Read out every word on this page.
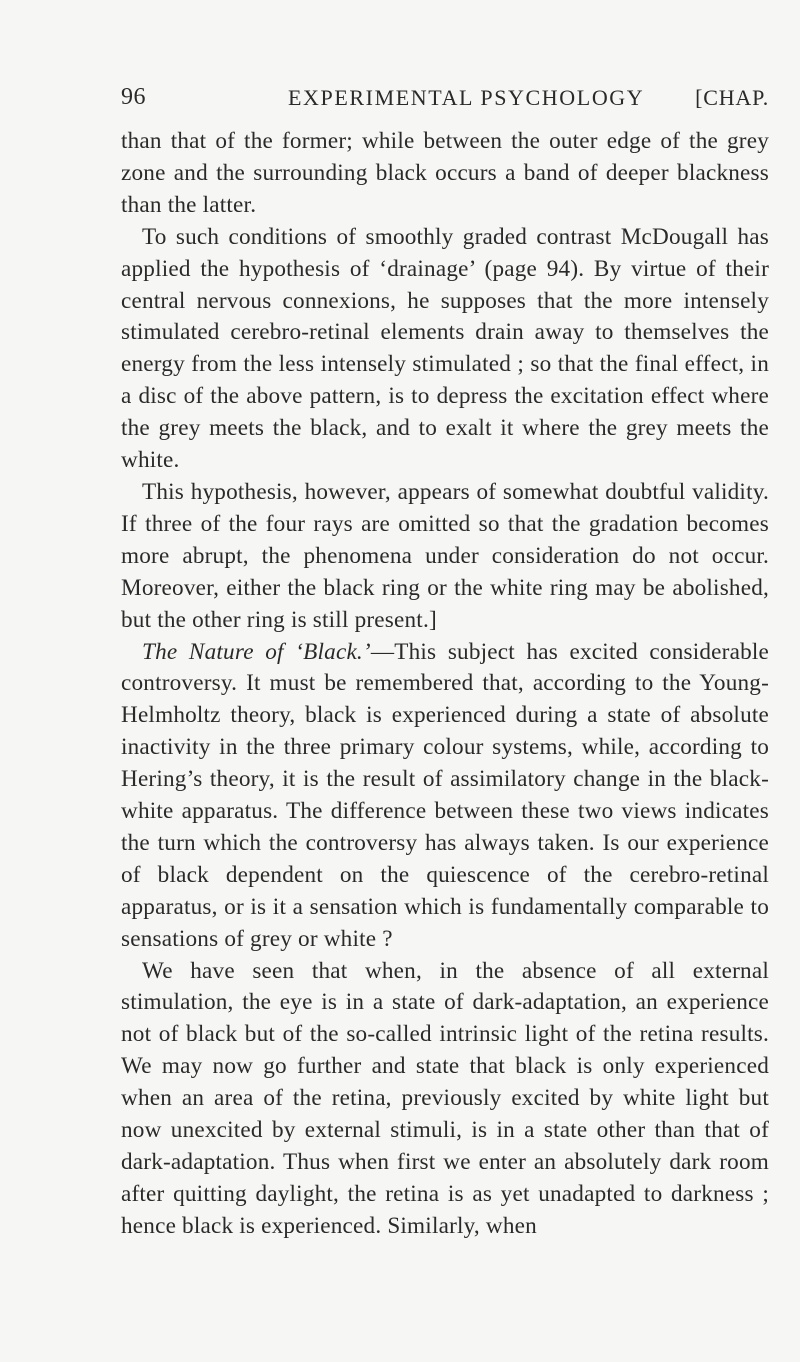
96	EXPERIMENTAL PSYCHOLOGY [CHAP.

than that of the former; while between the outer edge of the grey zone and the surrounding black occurs a band of deeper blackness than the latter.

To such conditions of smoothly graded contrast McDougall has applied the hypothesis of ‘drainage’ (page 94). By virtue of their central nervous connexions, he supposes that the more intensely stimulated cerebro-retinal elements drain away to themselves the energy from the less intensely stimulated ; so that the final effect, in a disc of the above pattern, is to depress the excitation effect where the grey meets the black, and to exalt it where the grey meets the white.

This hypothesis, however, appears of somewhat doubtful validity. If three of the four rays are omitted so that the gradation becomes more abrupt, the phenomena under consideration do not occur. Moreover, either the black ring or the white ring may be abolished, but the other ring is still present.]

The Nature of ‘Black.’—This subject has excited considerable controversy. It must be remembered that, according to the Young-Helmholtz theory, black is experienced during a state of absolute inactivity in the three primary colour systems, while, according to Hering’s theory, it is the result of assimilatory change in the black-white apparatus. The difference between these two views indicates the turn which the controversy has always taken. Is our experience of black dependent on the quiescence of the cerebro-retinal apparatus, or is it a sensation which is fundamentally comparable to sensations of grey or white ?

We have seen that when, in the absence of all external stimulation, the eye is in a state of dark-adaptation, an experience not of black but of the so-called intrinsic light of the retina results. We may now go further and state that black is only experienced when an area of the retina, previously excited by white light but now unexcited by external stimuli, is in a state other than that of dark-adaptation. Thus when first we enter an absolutely dark room after quitting daylight, the retina is as yet unadapted to darkness ; hence black is experienced. Similarly, when
